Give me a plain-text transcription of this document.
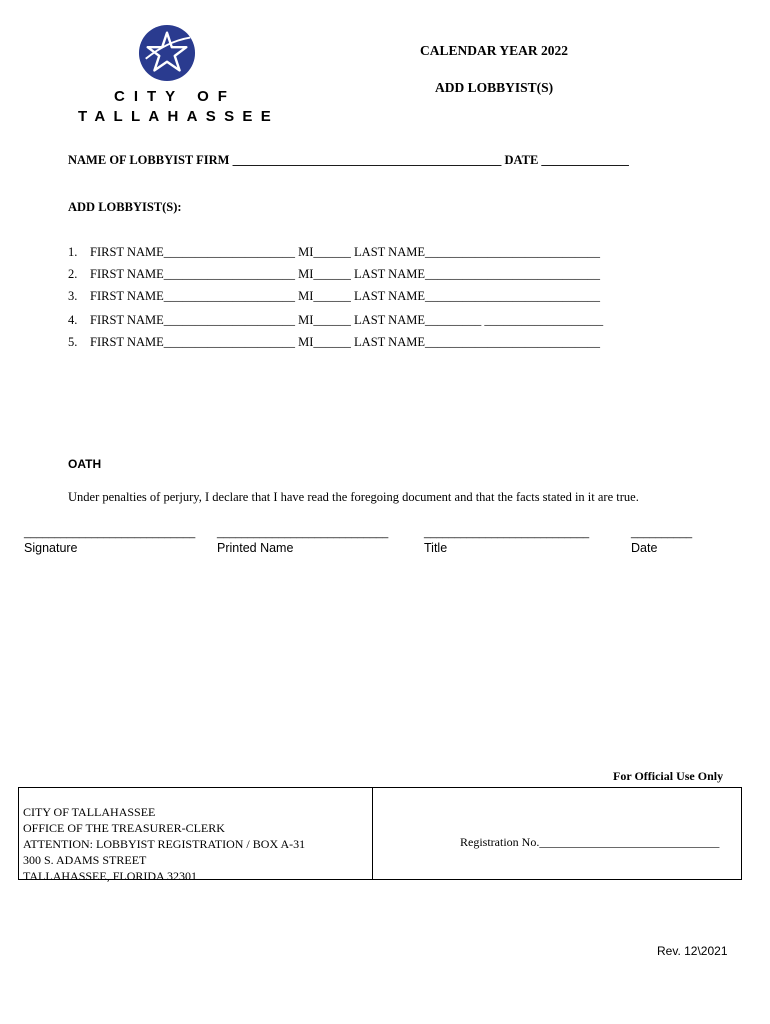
CITY OF
TALLAHASSEE
CALENDAR YEAR 2022
ADD LOBBYIST(S)
NAME OF LOBBYIST FIRM ___________________________________________ DATE ______________
ADD LOBBYIST(S):
1. FIRST NAME_____________________ MI______ LAST NAME____________________________
2. FIRST NAME_____________________ MI______ LAST NAME____________________________
3. FIRST NAME_____________________ MI______ LAST NAME____________________________
4. FIRST NAME_____________________ MI______ LAST NAME_________ ___________________
5. FIRST NAME_____________________ MI______ LAST NAME____________________________
OATH
Under penalties of perjury, I declare that I have read the foregoing document and that the facts stated in it are true.
____________________________
Signature
____________________________
Printed Name
___________________________
Title
__________
Date
For Official Use Only
CITY OF TALLAHASSEE
OFFICE OF THE TREASURER-CLERK
ATTENTION: LOBBYIST REGISTRATION / BOX A-31
300 S. ADAMS STREET
TALLAHASSEE, FLORIDA 32301
Registration No.______________________________
Rev. 12\2021
